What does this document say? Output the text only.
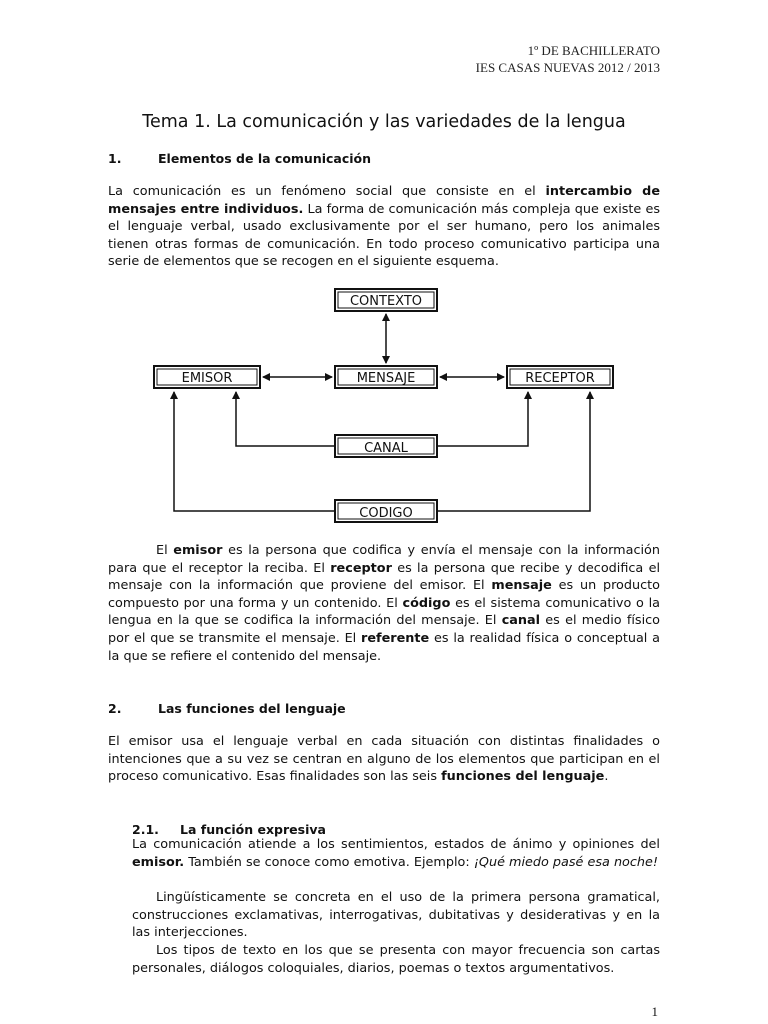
1º DE BACHILLERATO
IES CASAS NUEVAS 2012 / 2013
Tema 1. La comunicación y las variedades de la lengua
1.	Elementos de la comunicación
La comunicación es un fenómeno social que consiste en el intercambio de mensajes entre individuos. La forma de comunicación más compleja que existe es el lenguaje verbal, usado exclusivamente por el ser humano, pero los animales tienen otras formas de comunicación. En todo proceso comunicativo participa una serie de elementos que se recogen en el siguiente esquema.
CONTEXTO
EMISOR	MENSAJE	RECEPTOR
CANAL
CODIGO
El emisor es la persona que codifica y envía el mensaje con la información para que el receptor la reciba. El receptor es la persona que recibe y decodifica el mensaje con la información que proviene del emisor. El mensaje es un producto compuesto por una forma y un contenido. El código es el sistema comunicativo o la lengua en la que se codifica la información del mensaje. El canal es el medio físico por el que se transmite el mensaje. El referente es la realidad física o conceptual a la que se refiere el contenido del mensaje.
2.	Las funciones del lenguaje
El emisor usa el lenguaje verbal en cada situación con distintas finalidades o intenciones que a su vez se centran en alguno de los elementos que participan en el proceso comunicativo. Esas finalidades son las seis funciones del lenguaje.
2.1.	La función expresiva
La comunicación atiende a los sentimientos, estados de ánimo y opiniones del emisor. También se conoce como emotiva. Ejemplo: ¡Qué miedo pasé esa noche!
Lingüísticamente se concreta en el uso de la primera persona gramatical, construcciones exclamativas, interrogativas, dubitativas y desiderativas y en la las interjecciones.
Los tipos de texto en los que se presenta con mayor frecuencia son cartas personales, diálogos coloquiales, diarios, poemas o textos argumentativos.
1
